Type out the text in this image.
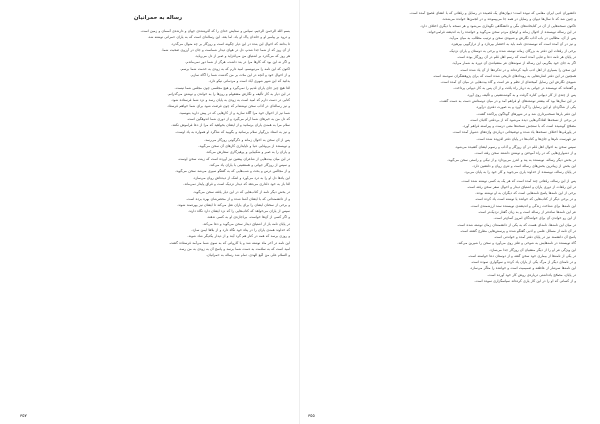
رساله به حمرانیان

بسم الله الرحمن الرحیم. سپاس و ستایش خدای را که آفریننده‌ی جهان و دارنده‌ی آسمان و زمین است.

و درود بر پیامبر او و خاندان پاک او باد. اما بعد، این رساله‌ای است که به یاران حمرانی نوشته شد.

تا بدانند که احوال این بنده در این دیار چگونه است و روزگار بر چه منوال می‌گذرد.

از آن روز که از شما جدا شدم، دل در هوای دیدار شماست و جان در آرزوی صحبت شما.

هر روز که می‌گذرد بر اشتیاق من می‌افزاید و صبر از دل می‌رباید.

و اگر نه این بود که کارها مرا در بند داشت، هرگز از شما دور نمی‌ماندم.

اکنون که این نامه را می‌نویسم، امید دارم که به زودی به خدمت شما برسم.

و از احوال خود و آنچه در این مدّت بر من گذشت شما را آگاه سازم.

بدانید که این شهر شهری آباد است و مردمانی نیکو دارد.

امّا هیچ چیز جای یاران قدیم را نمی‌گیرد و هیچ مجلسی چون مجلس شما نیست.

در این دیار به کار تألیف و نگارش مشغولم و روزها را به خواندن و نوشتن می‌گذرانم.

کتابی در دست دارم که امید است به زودی به پایان رسد و نزد شما فرستاده شود.

و نیز رساله‌ای در آداب سخن نوشته‌ام که چون فرصت شود برای شما خواهم فرستاد.

شما نیز از احوال خود مرا آگاه سازید و از کارهایی که در پیش دارید بنویسید.

که دل من به خبرهای شما آرام می‌گیرد و از دوری شما اندوهگین است.

سلام مرا به همه‌ی یاران برسانید و از ایشان بخواهید که مرا از دعا فراموش نکنند.

و نیز به استاد بزرگوار سلام برسانید و بگویید که شاگرد او همواره به یاد اوست.

پس از آن سخن به احوال زمانه و دگرگونی روزگار می‌رسد.

و نویسنده از بی‌وفایی دنیا و ناپایداری کارهای آن سخن می‌گوید.

و یاران را به صبر و شکیبایی و پرهیزگاری سفارش می‌کند.

در این میان بیت‌هایی از شاعران پیشین نیز آورده است که زینت سخن اوست.

و سپس از روزگار جوانی و همنشینی با یاران یاد می‌کند.

و از مجالس درس و بحث و شب‌هایی که به گفتگو سپری می‌شد سخن می‌گوید.

این یادها دل او را به درد می‌آورد و اشک از دیده‌اش روان می‌سازد.

امّا باز به خود دلداری می‌دهد که دیدار نزدیک است و فراق پایدار نمی‌ماند.

در بخش دیگر نامه از کتاب‌هایی که در این دیار یافته سخن می‌گوید.

و از دانشمندانی که با ایشان آشنا شده و از محضرشان بهره برده است.

و برخی از سخنان ایشان را برای یاران نقل می‌کند تا ایشان نیز بهره‌مند شوند.

سپس از یاران می‌خواهد که کتاب‌هایی را که نزد ایشان دارد نگاه دارند.

و اگر کسی از آن‌ها خواست، بی‌اجازه‌ی او به کسی ندهند.

در پایان نامه باز از اشتیاق دیدار سخن می‌گوید و دعا می‌کند.

که خداوند همه‌ی یاران را در پناه خود نگاه دارد و از بلاها ایمن سازد.

و روزی برسد که همه در کنار هم گرد آیند و از دیدار یکدیگر شاد شوند.

این نامه در آخر ماه نوشته شد و با کاروانی که به سوی شما می‌آمد فرستاده گشت.

امید است که به سلامت به دست شما برسد و پاسخ آن به زودی به من رسد.

و السلام علی من اتّبع الهدی. تمام شد رساله به حمرانیان.

٣٥٧

دانشوران ادبی ایران مقامی که نبوده است؛ دیوان‌های یک قصیده در رسایل و رقعاتی که با انشای فصیح آمده است.

و چنین شد که تا سال‌ها دیوان و رسایل در همه جا می‌پیمودند و در انجمن‌ها خوانده می‌شدند.

تاکنون نسخه‌هایی از آن در کتابخانه‌های ملّی و دانشگاهی نگهداری می‌شود و هر نسخه با دیگری اختلاف دارد.

در این رساله نویسنده از احوال زمانه و اوضاع مردم سخن می‌گوید و خواننده را به اندیشه فرامی‌خواند.

پس از آن، مطالبی در باب آداب نگارش و شیوه‌ی سخن و ترتیب مطالب به میان می‌آید.

و نیز در آن آمده است که نویسنده‌ی نامه باید به اختصار بپردازد و از درازگویی بپرهیزد.

برخی از رقعات این دفتر به بزرگان زمانه نوشته شده و برخی به دوستان و یاران نزدیک.

در پایان هر نامه دعا و ثنایی آمده است که رسم اهل قلم در آن روزگار بوده است.

اگر به جای خود بنگریم، این رساله از نمونه‌های نثر منشیانه‌ی آن دوره به شمار می‌آید.

این سخن را بسیاری از اهل ادب تأیید کرده‌اند و در تذکره‌ها از آن یاد شده است.

همچنین در این دفتر اشاره‌هایی به رویدادهای تاریخی شده است که برای پژوهشگران سودمند است.

شیوه‌ی نگارش این رسایل آمیخته‌ای از نظم و نثر است و گاه بیت‌هایی در میان آن آمده است.

و گفته‌اند که نویسنده در جوانی به دربار راه یافت و از آن پس به کار دیوانی پرداخت.

پس از چندی از کار دیوانی کناره گرفت و به گوشه‌نشینی و تألیف روی آورد.

در این سال‌ها بود که بیشتر نوشته‌های او فراهم آمد و در میان دوستانش دست به دست گشت.

یکی از شاگردان او این رسایل را گرد آورد و به صورت دفتری درآورد.

این دفتر بارها نسخه‌برداری شد و در شهرهای گوناگون پراکنده گشت.

در برخی از نسخه‌ها افتادگی‌هایی دیده می‌شود که از بی‌دقتی کاتبان است.

مصحّح کوشیده است که با سنجش نسخه‌ها متنی درست و پیراسته فراهم آورد.

در پاورقی‌ها اختلاف نسخه‌ها یاد شده و توضیحاتی درباره‌ی واژه‌های دشوار آمده است.

نیز فهرست نام‌ها و جای‌ها و کتاب‌ها در پایان دفتر افزوده شده است.

سپس سخن به احوال اهل قلم در آن روزگار و آداب و رسوم ایشان کشیده می‌شود.

و از دشواری‌هایی که در راه آموختن و نوشتن داشتند سخن رفته است.

در بخش دیگر رساله، نویسنده به پند و اندرز می‌پردازد و از نیکی و راستی سخن می‌گوید.

این بخش از زیباترین بخش‌های رساله است و نثری روان و دلنشین دارد.

در پایان رساله، نویسنده از خداوند یاری می‌جوید و کار خود را به پایان می‌برد.

پس از این رساله، رقعاتی چند آمده است که هر یک به کسی نوشته شده است.

در این رقعات از دوری یاران و اشتیاق دیدار و احوال سفر سخن رفته است.

برخی از این نامه‌ها پاسخ نامه‌هایی است که دیگران به او نوشته بودند.

و در برخی دیگر از کتاب‌هایی که خوانده یا نوشته است یاد کرده است.

این نامه‌ها برای شناخت زندگی و اندیشه‌ی نویسنده سند ارزشمندی است.

نثر این نامه‌ها ساده‌تر از رساله است و به زبان گفتار نزدیک‌تر است.

از این رو خواندن آن برای خوانندگان امروز آسان‌تر است.

در میان این نامه‌ها، نامه‌ای هست که به یکی از دانشمندان زمان نوشته شده است.

در آن نامه از مسائل علمی و ادبی گفتگو شده و پرسش‌هایی مطرح گشته است.

پاسخ آن دانشمند نیز در پایان دفتر آمده و خواندنی است.

گاه نویسنده در نامه‌هایش به شوخی و طنز روی می‌آورد و سخن را شیرین می‌کند.

این ویژگی نثر او را از دیگر منشیان آن روزگار جدا می‌سازد.

در یکی از نامه‌ها از بیماری خود سخن گفته و از دوستان دعا خواسته است.

و در نامه‌ای دیگر از مرگ یکی از یاران یاد کرده و سوگواری نموده است.

این نامه‌ها سرشار از عاطفه و صمیمیت است و خواننده را متأثّر می‌سازد.

در پایان، مصحّح یادداشتی درباره‌ی روش کار خود آورده است.

و از کسانی که او را در این کار یاری کرده‌اند سپاسگزاری نموده است.

٣٥٥
